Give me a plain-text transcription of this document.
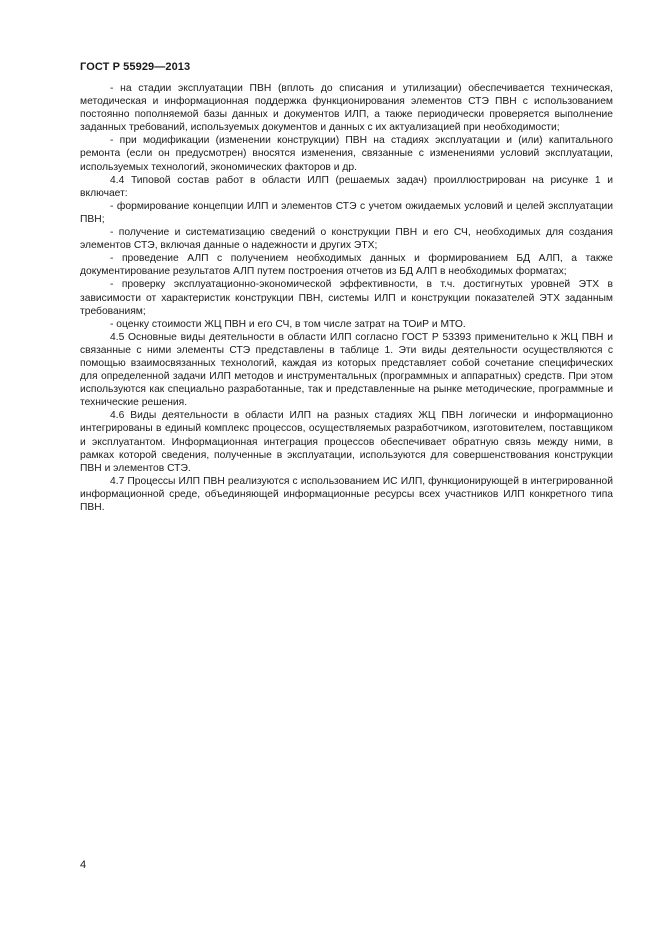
ГОСТ Р 55929—2013

- на стадии эксплуатации ПВН (вплоть до списания и утилизации) обеспечивается техническая, методическая и информационная поддержка функционирования элементов СТЭ ПВН с использованием постоянно пополняемой базы данных и документов ИЛП, а также периодически проверяется выполнение заданных требований, используемых документов и данных с их актуализацией при необходимости;

- при модификации (изменении конструкции) ПВН на стадиях эксплуатации и (или) капитального ремонта (если он предусмотрен) вносятся изменения, связанные с изменениями условий эксплуатации, используемых технологий, экономических факторов и др.

4.4 Типовой состав работ в области ИЛП (решаемых задач) проиллюстрирован на рисунке 1 и включает:

- формирование концепции ИЛП и элементов СТЭ с учетом ожидаемых условий и целей эксплуатации ПВН;

- получение и систематизацию сведений о конструкции ПВН и его СЧ, необходимых для создания элементов СТЭ, включая данные о надежности и других ЭТХ;

- проведение АЛП с получением необходимых данных и формированием БД АЛП, а также документирование результатов АЛП путем построения отчетов из БД АЛП в необходимых форматах;

- проверку эксплуатационно-экономической эффективности, в т.ч. достигнутых уровней ЭТХ в зависимости от характеристик конструкции ПВН, системы ИЛП и конструкции показателей ЭТХ заданным требованиям;

- оценку стоимости ЖЦ ПВН и его СЧ, в том числе затрат на ТОиР и МТО.

4.5 Основные виды деятельности в области ИЛП согласно ГОСТ Р 53393 применительно к ЖЦ ПВН и связанные с ними элементы СТЭ представлены в таблице 1. Эти виды деятельности осуществляются с помощью взаимосвязанных технологий, каждая из которых представляет собой сочетание специфических для определенной задачи ИЛП методов и инструментальных (программных и аппаратных) средств. При этом используются как специально разработанные, так и представленные на рынке методические, программные и технические решения.

4.6 Виды деятельности в области ИЛП на разных стадиях ЖЦ ПВН логически и информационно интегрированы в единый комплекс процессов, осуществляемых разработчиком, изготовителем, поставщиком и эксплуатантом. Информационная интеграция процессов обеспечивает обратную связь между ними, в рамках которой сведения, полученные в эксплуатации, используются для совершенствования конструкции ПВН и элементов СТЭ.

4.7 Процессы ИЛП ПВН реализуются с использованием ИС ИЛП, функционирующей в интегрированной информационной среде, объединяющей информационные ресурсы всех участников ИЛП конкретного типа ПВН.

4
